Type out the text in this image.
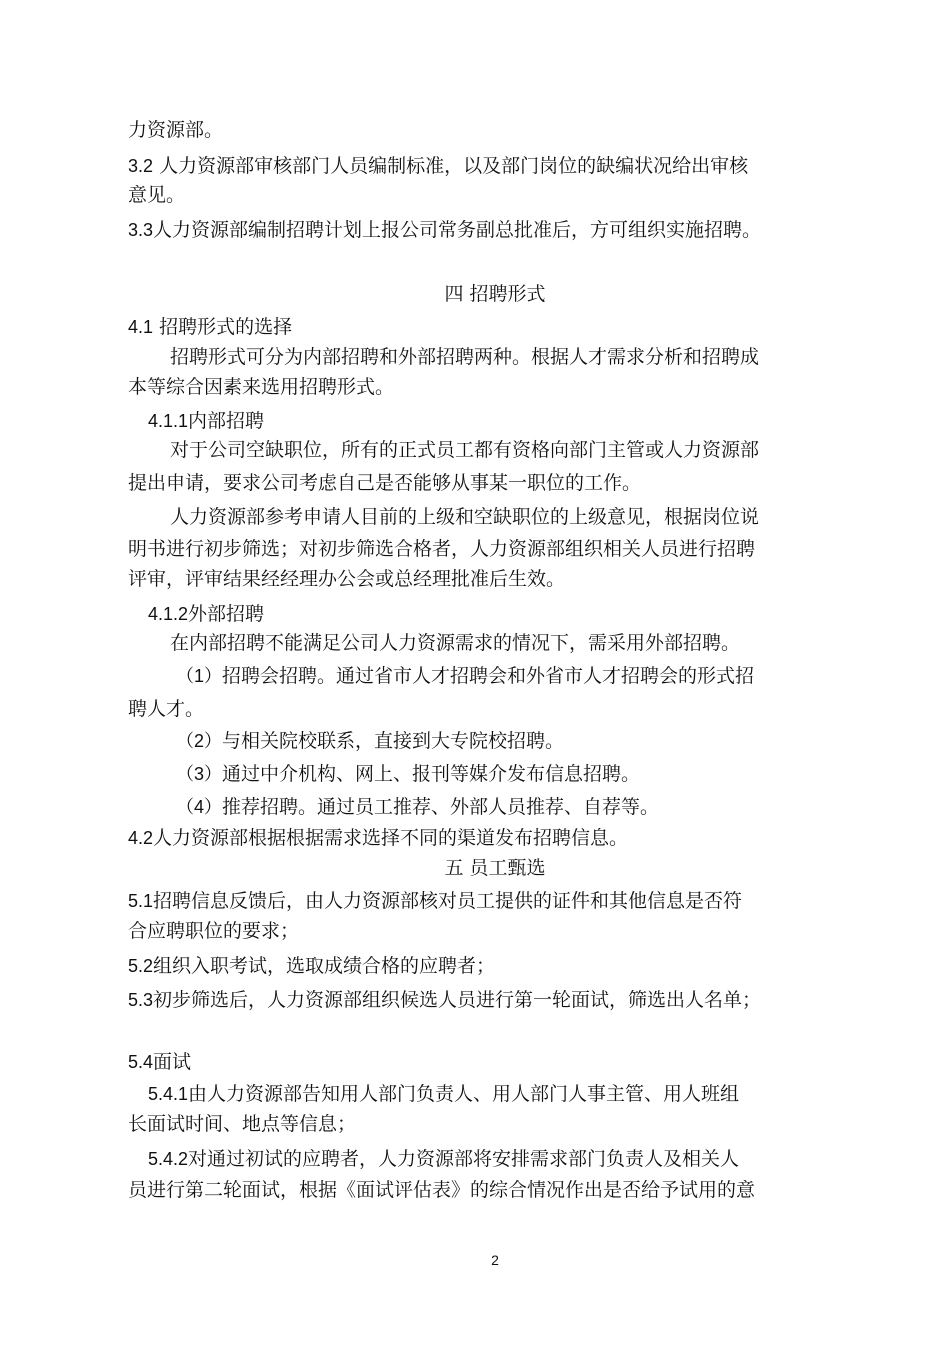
力资源部。
3.2 人力资源部审核部门人员编制标准，以及部门岗位的缺编状况给出审核
意见。
3.3人力资源部编制招聘计划上报公司常务副总批准后，方可组织实施招聘。
四 招聘形式
4.1 招聘形式的选择
招聘形式可分为内部招聘和外部招聘两种。根据人才需求分析和招聘成
本等综合因素来选用招聘形式。
4.1.1内部招聘
对于公司空缺职位，所有的正式员工都有资格向部门主管或人力资源部
提出申请，要求公司考虑自己是否能够从事某一职位的工作。
人力资源部参考申请人目前的上级和空缺职位的上级意见，根据岗位说
明书进行初步筛选；对初步筛选合格者，人力资源部组织相关人员进行招聘
评审，评审结果经经理办公会或总经理批准后生效。
4.1.2外部招聘
在内部招聘不能满足公司人力资源需求的情况下，需采用外部招聘。
（1）招聘会招聘。通过省市人才招聘会和外省市人才招聘会的形式招
聘人才。
（2）与相关院校联系，直接到大专院校招聘。
（3）通过中介机构、网上、报刊等媒介发布信息招聘。
（4）推荐招聘。通过员工推荐、外部人员推荐、自荐等。
4.2人力资源部根据根据需求选择不同的渠道发布招聘信息。
五 员工甄选
5.1招聘信息反馈后，由人力资源部核对员工提供的证件和其他信息是否符
合应聘职位的要求；
5.2组织入职考试，选取成绩合格的应聘者；
5.3初步筛选后，人力资源部组织候选人员进行第一轮面试，筛选出人名单；
5.4面试
5.4.1由人力资源部告知用人部门负责人、用人部门人事主管、用人班组
长面试时间、地点等信息；
5.4.2对通过初试的应聘者，人力资源部将安排需求部门负责人及相关人
员进行第二轮面试，根据《面试评估表》的综合情况作出是否给予试用的意
2
